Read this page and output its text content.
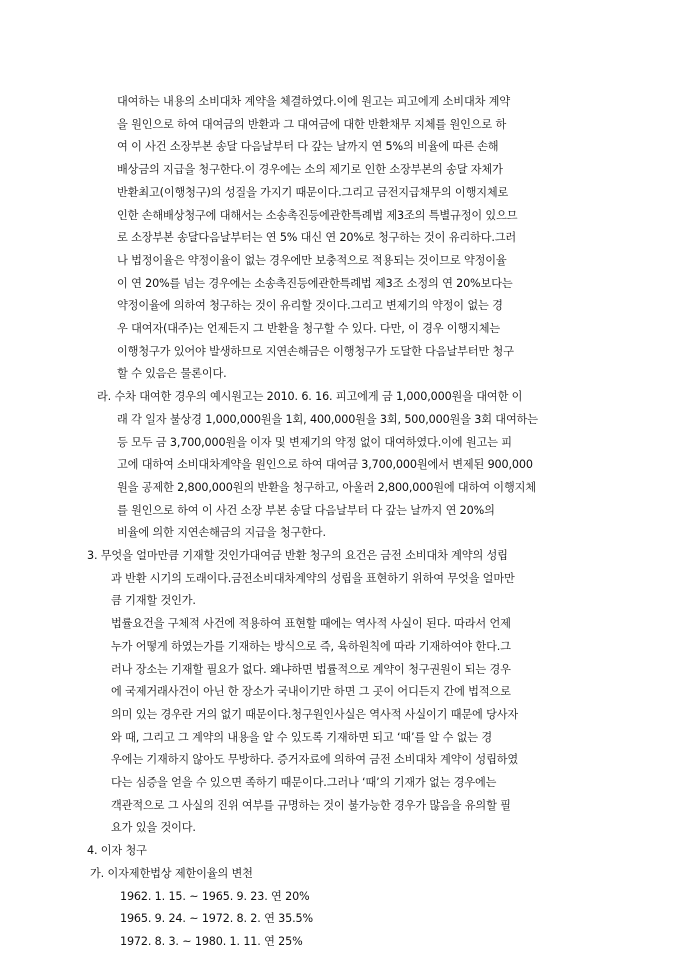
대여하는 내용의 소비대차 계약을 체결하였다.이에 원고는 피고에게 소비대차 계약
을 원인으로 하여 대여금의 반환과 그 대여금에 대한 반환채무 지체를 원인으로 하
여 이 사건 소장부본 송달 다음날부터 다 갚는 날까지 연 5%의 비율에 따른 손해
배상금의 지급을 청구한다.이 경우에는 소의 제기로 인한 소장부본의 송달 자체가
반환최고(이행청구)의 성질을 가지기 때문이다.그리고 금전지급채무의 이행지체로
인한 손해배상청구에 대해서는 소송촉진등에관한특례법 제3조의 특별규정이 있으므
로 소장부본 송달다음날부터는 연 5% 대신 연 20%로 청구하는 것이 유리하다.그러
나 법정이율은 약정이율이 없는 경우에만 보충적으로 적용되는 것이므로 약정이율
이 연 20%를 넘는 경우에는 소송촉진등에관한특례법 제3조 소정의 연 20%보다는
약정이율에 의하여 청구하는 것이 유리할 것이다.그리고 변제기의 약정이 없는 경
우 대여자(대주)는 언제든지 그 반환을 청구할 수 있다. 다만, 이 경우 이행지체는
이행청구가 있어야 발생하므로 지연손해금은 이행청구가 도달한 다음날부터만 청구
할 수 있음은 물론이다.
라. 수차 대여한 경우의 예시원고는 2010. 6. 16. 피고에게 금 1,000,000원을 대여한 이
래 각 일자 불상경 1,000,000원을 1회, 400,000원을 3회, 500,000원을 3회 대여하는
등 모두 금 3,700,000원을 이자 및 변제기의 약정 없이 대여하였다.이에 원고는 피
고에 대하여 소비대차계약을 원인으로 하여 대여금 3,700,000원에서 변제된 900,000
원을 공제한 2,800,000원의 반환을 청구하고, 아울러 2,800,000원에 대하여 이행지체
를 원인으로 하여 이 사건 소장 부본 송달 다음날부터 다 갚는 날까지 연 20%의
비율에 의한 지연손해금의 지급을 청구한다.
3. 무엇을 얼마만큼 기재할 것인가대여금 반환 청구의 요건은 금전 소비대차 계약의 성립
과 반환 시기의 도래이다.금전소비대차계약의 성립을 표현하기 위하여 무엇을 얼마만
큼 기재할 것인가.
법률요건을 구체적 사건에 적용하여 표현할 때에는 역사적 사실이 된다. 따라서 언제
누가 어떻게 하였는가를 기재하는 방식으로 즉, 육하원칙에 따라 기재하여야 한다.그
러나 장소는 기재할 필요가 없다. 왜냐하면 법률적으로 계약이 청구권원이 되는 경우
에 국제거래사건이 아닌 한 장소가 국내이기만 하면 그 곳이 어디든지 간에 법적으로
의미 있는 경우란 거의 없기 때문이다.청구원인사실은 역사적 사실이기 때문에 당사자
와 때, 그리고 그 계약의 내용을 알 수 있도록 기재하면 되고 ‘때’를 알 수 없는 경
우에는 기재하지 않아도 무방하다. 증거자료에 의하여 금전 소비대차 계약이 성립하였
다는 심증을 얻을 수 있으면 족하기 때문이다.그러나 ‘때’의 기재가 없는 경우에는
객관적으로 그 사실의 진위 여부를 규명하는 것이 불가능한 경우가 많음을 유의할 필
요가 있을 것이다.
4. 이자 청구
가. 이자제한법상 제한이율의 변천
1962. 1. 15. ~ 1965. 9. 23. 연 20%
1965. 9. 24. ~ 1972. 8. 2. 연 35.5%
1972. 8. 3. ~ 1980. 1. 11. 연 25%
